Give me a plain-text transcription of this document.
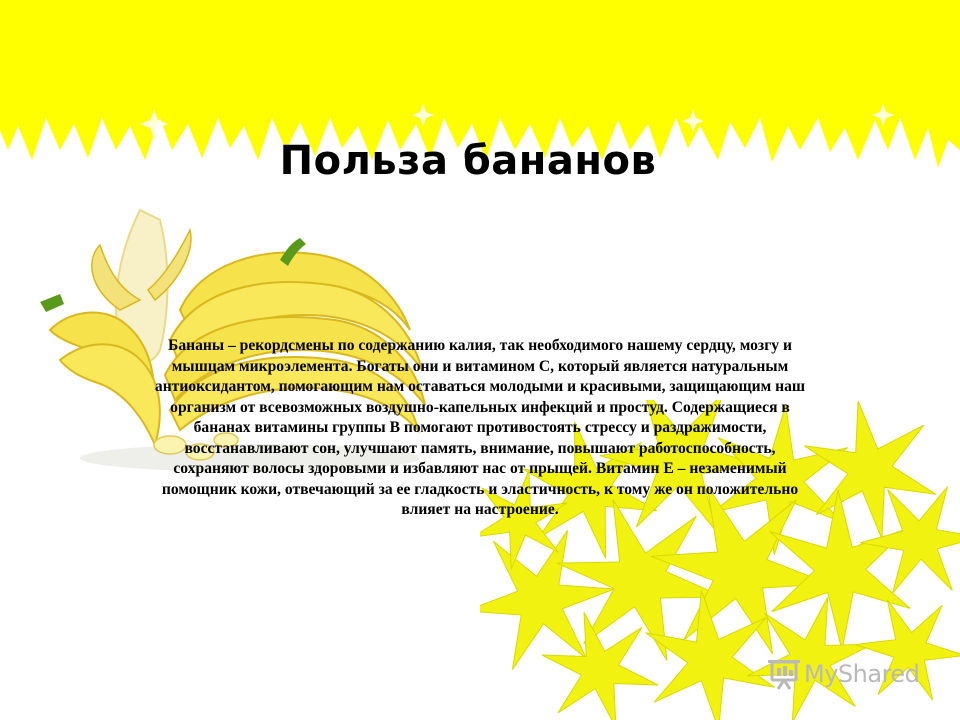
Польза бананов

Бананы – рекордсмены по содержанию калия, так необходимого нашему сердцу, мозгу и мышцам микроэлемента. Богаты они и витамином С, который является натуральным антиоксидантом, помогающим нам оставаться молодыми и красивыми, защищающим наш организм от всевозможных воздушно-капельных инфекций и простуд. Содержащиеся в бананах витамины группы В помогают противостоять стрессу и раздражимости, восстанавливают сон, улучшают память, внимание, повышают работоспособность, сохраняют волосы здоровыми и избавляют нас от прыщей. Витамин Е – незаменимый помощник кожи, отвечающий за ее гладкость и эластичность, к тому же он положительно влияет на настроение.

MyShared
